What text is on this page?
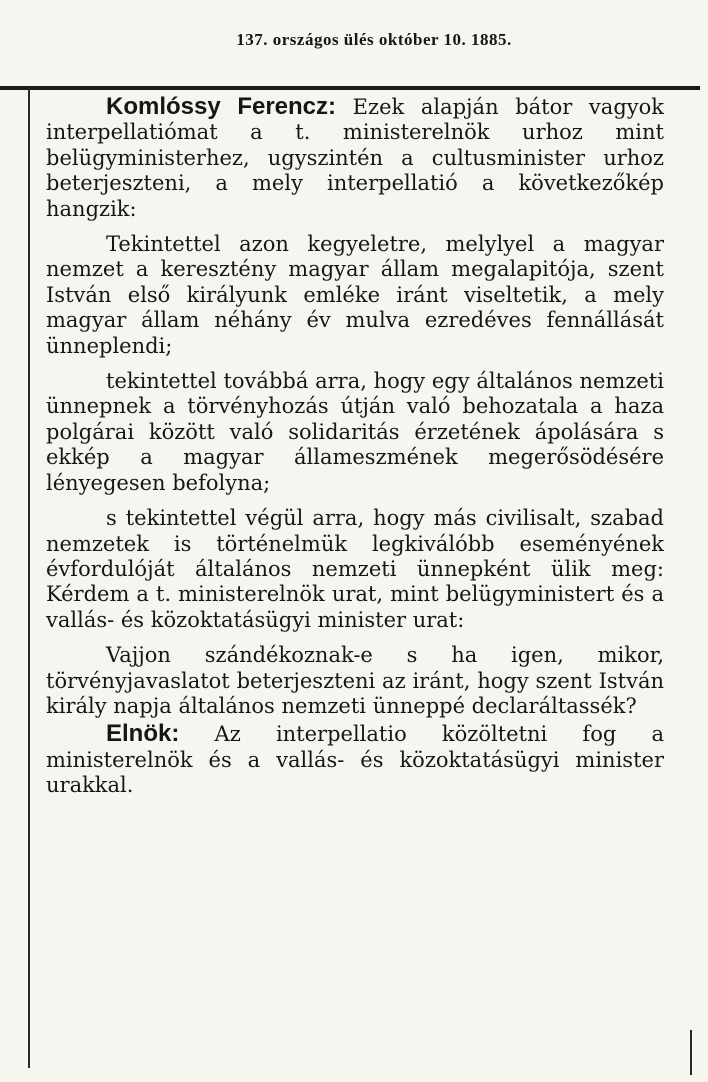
137. országos ülés október 10. 1885.

Komlóssy Ferencz: Ezek alapján bátor vagyok interpellatiómat a t. ministerelnök urhoz mint belügyministerhez, ugyszintén a cultusminister urhoz beterjeszteni, a mely interpellatió a következőkép hangzik:

Tekintettel azon kegyeletre, melylyel a magyar nemzet a keresztény magyar állam megalapitója, szent István első királyunk emléke iránt viseltetik, a mely magyar állam néhány év mulva ezredéves fennállását ünneplendi;

tekintettel továbbá arra, hogy egy általános nemzeti ünnepnek a törvényhozás útján való behozatala a haza polgárai között való solidaritás érzetének ápolására s ekkép a magyar állameszmének megerősödésére lényegesen befolyna;

s tekintettel végül arra, hogy más civilisalt, szabad nemzetek is történelmük legkiválóbb eseményének évfordulóját általános nemzeti ünnepként ülik meg: Kérdem a t. ministerelnök urat, mint belügyministert és a vallás- és közoktatásügyi minister urat:

Vajjon szándékoznak-e s ha igen, mikor, törvényjavaslatot beterjeszteni az iránt, hogy szent István király napja általános nemzeti ünneppé declaráltassék?

Elnök: Az interpellatio közöltetni fog a ministerelnök és a vallás- és közoktatásügyi minister urakkal.
